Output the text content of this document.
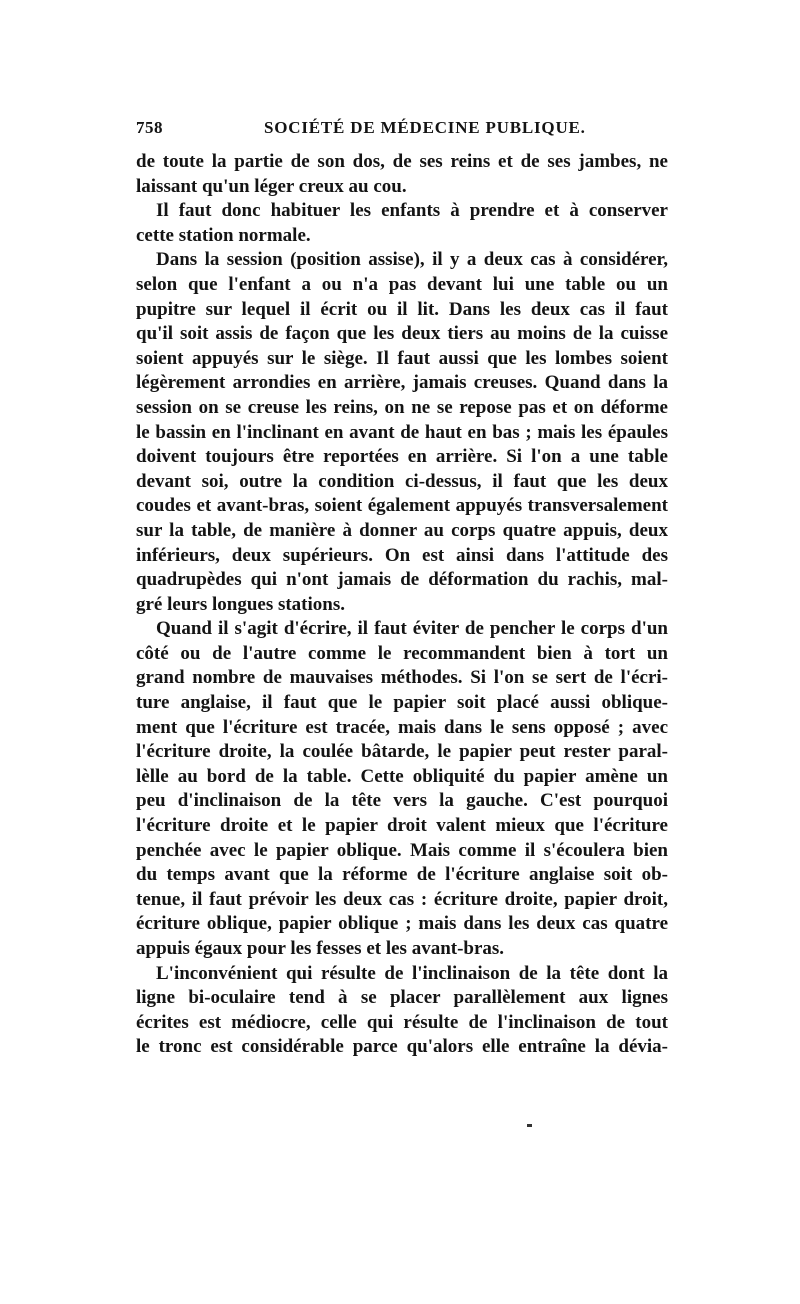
758	SOCIÉTÉ DE MÉDECINE PUBLIQUE.
de toute la partie de son dos, de ses reins et de ses jambes, ne
laissant qu'un léger creux au cou.
Il faut donc habituer les enfants à prendre et à conserver
cette station normale.
Dans la session (position assise), il y a deux cas à considérer,
selon que l'enfant a ou n'a pas devant lui une table ou un
pupitre sur lequel il écrit ou il lit. Dans les deux cas il faut
qu'il soit assis de façon que les deux tiers au moins de la cuisse
soient appuyés sur le siège. Il faut aussi que les lombes soient
légèrement arrondies en arrière, jamais creuses. Quand dans la
session on se creuse les reins, on ne se repose pas et on déforme
le bassin en l'inclinant en avant de haut en bas ; mais les épaules
doivent toujours être reportées en arrière. Si l'on a une table
devant soi, outre la condition ci-dessus, il faut que les deux
coudes et avant-bras, soient également appuyés transversalement
sur la table, de manière à donner au corps quatre appuis, deux
inférieurs, deux supérieurs. On est ainsi dans l'attitude des
quadrupèdes qui n'ont jamais de déformation du rachis, mal-
gré leurs longues stations.
Quand il s'agit d'écrire, il faut éviter de pencher le corps d'un
côté ou de l'autre comme le recommandent bien à tort un
grand nombre de mauvaises méthodes. Si l'on se sert de l'écri-
ture anglaise, il faut que le papier soit placé aussi oblique-
ment que l'écriture est tracée, mais dans le sens opposé ; avec
l'écriture droite, la coulée bâtarde, le papier peut rester paral-
lèlle au bord de la table. Cette obliquité du papier amène un
peu d'inclinaison de la tête vers la gauche. C'est pourquoi
l'écriture droite et le papier droit valent mieux que l'écriture
penchée avec le papier oblique. Mais comme il s'écoulera bien
du temps avant que la réforme de l'écriture anglaise soit ob-
tenue, il faut prévoir les deux cas : écriture droite, papier droit,
écriture oblique, papier oblique ; mais dans les deux cas quatre
appuis égaux pour les fesses et les avant-bras.
L'inconvénient qui résulte de l'inclinaison de la tête dont la
ligne bi-oculaire tend à se placer parallèlement aux lignes
écrites est médiocre, celle qui résulte de l'inclinaison de tout
le tronc est considérable parce qu'alors elle entraîne la dévia-
